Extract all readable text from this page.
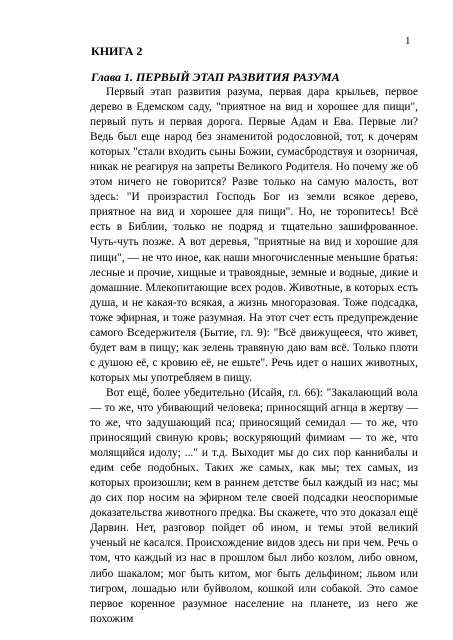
1
КНИГА 2
Глава 1. ПЕРВЫЙ ЭТАП РАЗВИТИЯ РАЗУМА

Первый этап развития разума, первая дара крыльев, первое дерево в Едемском саду, "приятное на вид и хорошее для пищи", первый путь и первая дорога. Первые Адам и Ева. Первые ли? Ведь был еще народ без знаменитой родословной, тот, к дочерям которых "стали входить сыны Божии, сумасбродствуя и озорничая, никак не реагируя на запреты Великого Родителя. Но почему же об этом ничего не говорится? Разве только на самую малость, вот здесь: "И произрастил Господь Бог из земли всякое дерево, приятное на вид и хорошее для пищи". Но, не торопитесь! Всё есть в Библии, только не подряд и тщательно зашифрованное. Чуть-чуть позже. А вот деревья, "приятные на вид и хорошие для пищи", — не что иное, как наши многочисленные меньшие братья: лесные и прочие, хищные и травоядные, земные и водные, дикие и домашние. Млекопитающие всех родов. Животные, в которых есть душа, и не какая-то всякая, а жизнь многоразовая. Тоже подсадка, тоже эфирная, и тоже разумная. На этот счет есть предупреждение самого Вседержителя (Бытие, гл. 9): "Всё движущееся, что живет, будет вам в пищу; как зелень травяную даю вам всё. Только плоти с душою её, с кровию её, не ешьте". Речь идет о наших животных, которых мы употребляем в пищу.

Вот ещё, более убедительно (Исайя, гл. 66): "Закалающий вола — то же, что убивающий человека; приносящий агнца в жертву — то же, что задушающий пса; приносящий семидал — то же, что приносящий свиную кровь; воскуряющий фимиам — то же, что молящийся идолу; ..." и т.д. Выходит мы до сих пор каннибалы и едим себе подобных. Таких же самых, как мы; тех самых, из которых произошли; кем в раннем детстве был каждый из нас; мы до сих пор носим на эфирном теле своей подсадки неоспоримые доказательства животного предка. Вы скажете, что это доказал ещё Дарвин. Нет, разговор пойдет об ином, и темы этой великий ученый не касался. Происхождение видов здесь ни при чем. Речь о том, что каждый из нас в прошлом был либо козлом, либо овном, либо шакалом; мог быть китом, мог быть дельфином; львом или тигром, лошадью или буйволом, кошкой или собакой. Это самое первое коренное разумное население на планете, из него же похожим
